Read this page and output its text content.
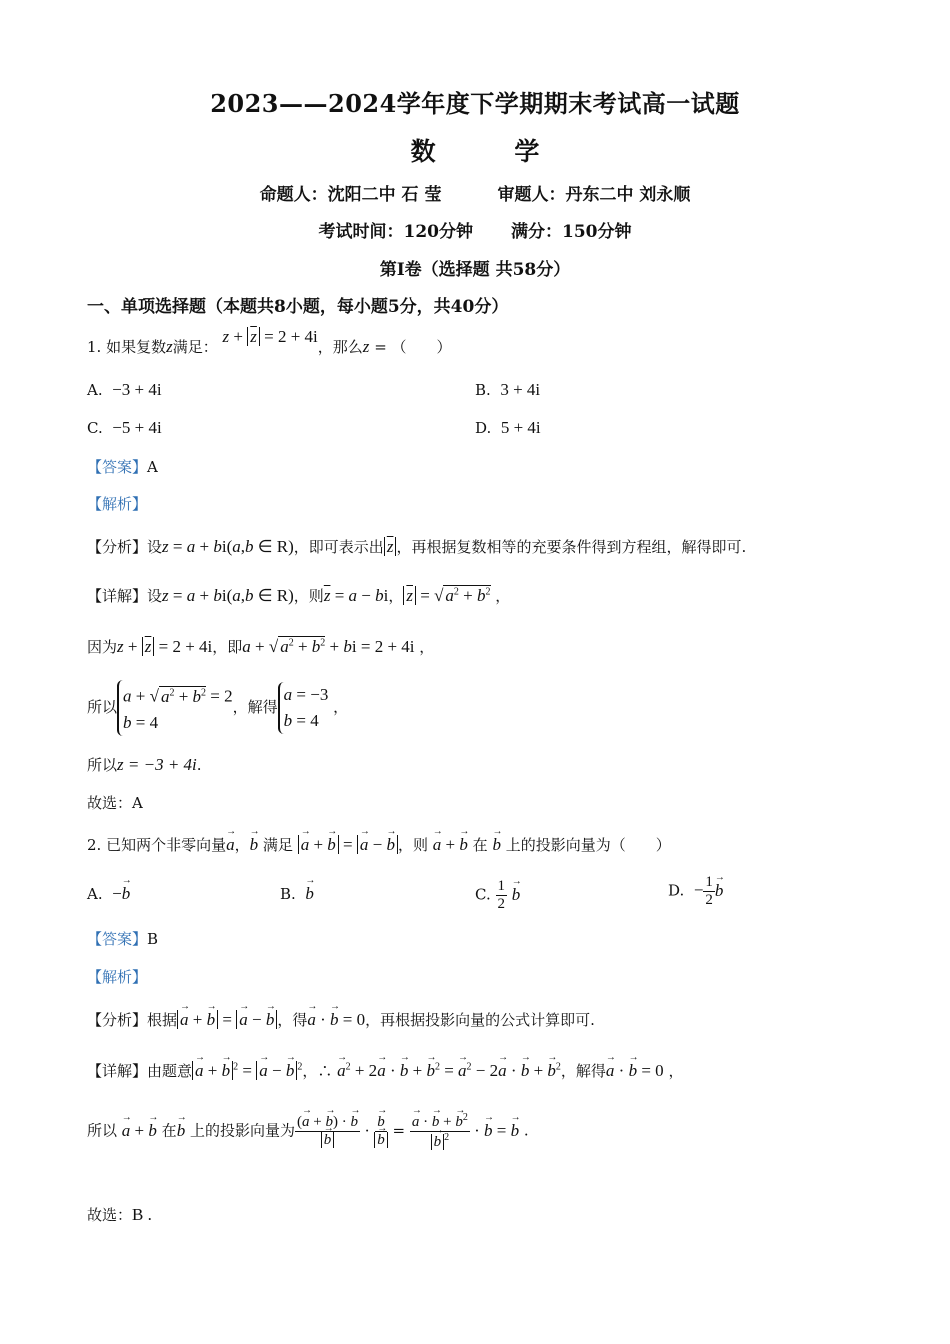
2023——2024学年度下学期期末考试高一试题
数 学
命题人：沈阳二中 石 莹	审题人：丹东二中 刘永顺
考试时间：120分钟 满分：150分钟
第I卷（选择题 共58分）
一、单项选择题（本题共8小题，每小题5分，共40分）
1. 如果复数z满足： $z + \overline{z} = 2 + 4i$，那么z = （　　）
A. −3 + 4i	B. 3 + 4i
C. −5 + 4i	D. 5 + 4i
【答案】A
【解析】
【分析】设z = a + bi(a,b ∈ R)，即可表示出 $\overline{z}$ ，再根据复数相等的充要条件得到方程组，解得即可.
【详解】设z = a + bi(a,b ∈ R)，则$\overline{z} = a$ − bi， $\overline{z}$ = √ $a^2 + b^2$ ，
因为$z + \overline{z} = 2 + 4i$，即a + √ $a^2 + b^2$ + bi = 2 + 4i ，
所以
a + √ $a^2 + b^2 = 2$
b = 4
，解得
a = −3
b = 4
，
所以z = −3 + 4i.
故选：A
2. 已知两个非零向量→ a，→ b 满足 → a + → b = → a − → b ，则 → a + → b 在 → b 上的投影向量为（　　）
A. −→ b	B. → b	C. $\frac{1}{2} \to b$	D. − $\frac{1}{2} \to b$
【答案】B
【解析】
【分析】根据 → a + → b = → a − → b ，得→ a · → b = 0，再根据投影向量的公式计算即可.
【详解】由题意 → a + → b $^2$ = → a − → b $^2$，∴ → $a^2 + 2\to a$ · → b + → $b^2$ = → $a^2 - 2\to a$ · → b + → $b^2$，解得→ a · → b = 0 ，
所以 → a + → b 在→ b 上的投影向量为 (→ a + → b) · → b
→ b · → b
→ b = → a · → b + → $b^2$
→ b $^2$ · → b = → b .
故选：B .
